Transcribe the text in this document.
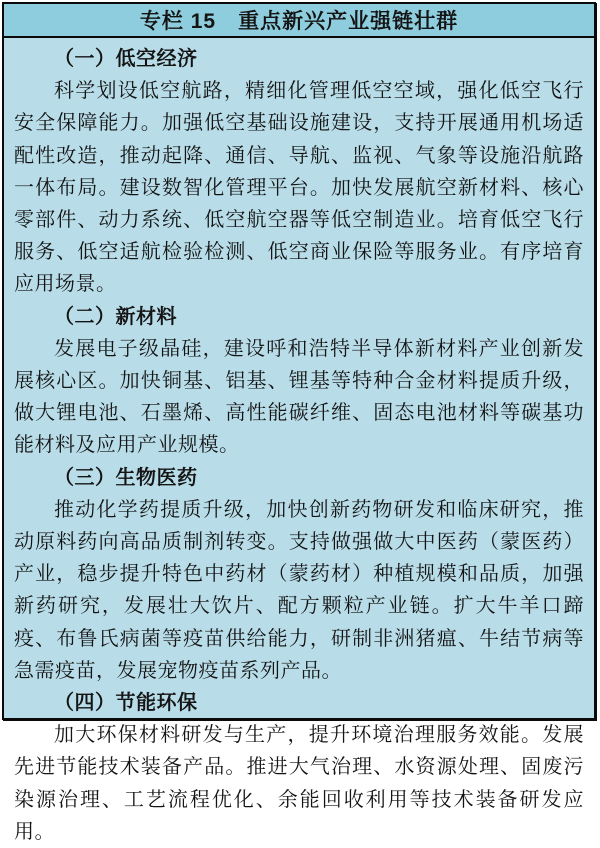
专栏 15　重点新兴产业强链壮群

（一）低空经济

科学划设低空航路，精细化管理低空空域，强化低空飞行安全保障能力。加强低空基础设施建设，支持开展通用机场适配性改造，推动起降、通信、导航、监视、气象等设施沿航路一体布局。建设数智化管理平台。加快发展航空新材料、核心零部件、动力系统、低空航空器等低空制造业。培育低空飞行服务、低空适航检验检测、低空商业保险等服务业。有序培育应用场景。

（二）新材料

发展电子级晶硅，建设呼和浩特半导体新材料产业创新发展核心区。加快铜基、铝基、锂基等特种合金材料提质升级，做大锂电池、石墨烯、高性能碳纤维、固态电池材料等碳基功能材料及应用产业规模。

（三）生物医药

推动化学药提质升级，加快创新药物研发和临床研究，推动原料药向高品质制剂转变。支持做强做大中医药（蒙医药）产业，稳步提升特色中药材（蒙药材）种植规模和品质，加强新药研究，发展壮大饮片、配方颗粒产业链。扩大牛羊口蹄疫、布鲁氏病菌等疫苗供给能力，研制非洲猪瘟、牛结节病等急需疫苗，发展宠物疫苗系列产品。

（四）节能环保

加大环保材料研发与生产，提升环境治理服务效能。发展先进节能技术装备产品。推进大气治理、水资源处理、固废污染源治理、工艺流程优化、余能回收利用等技术装备研发应用。
